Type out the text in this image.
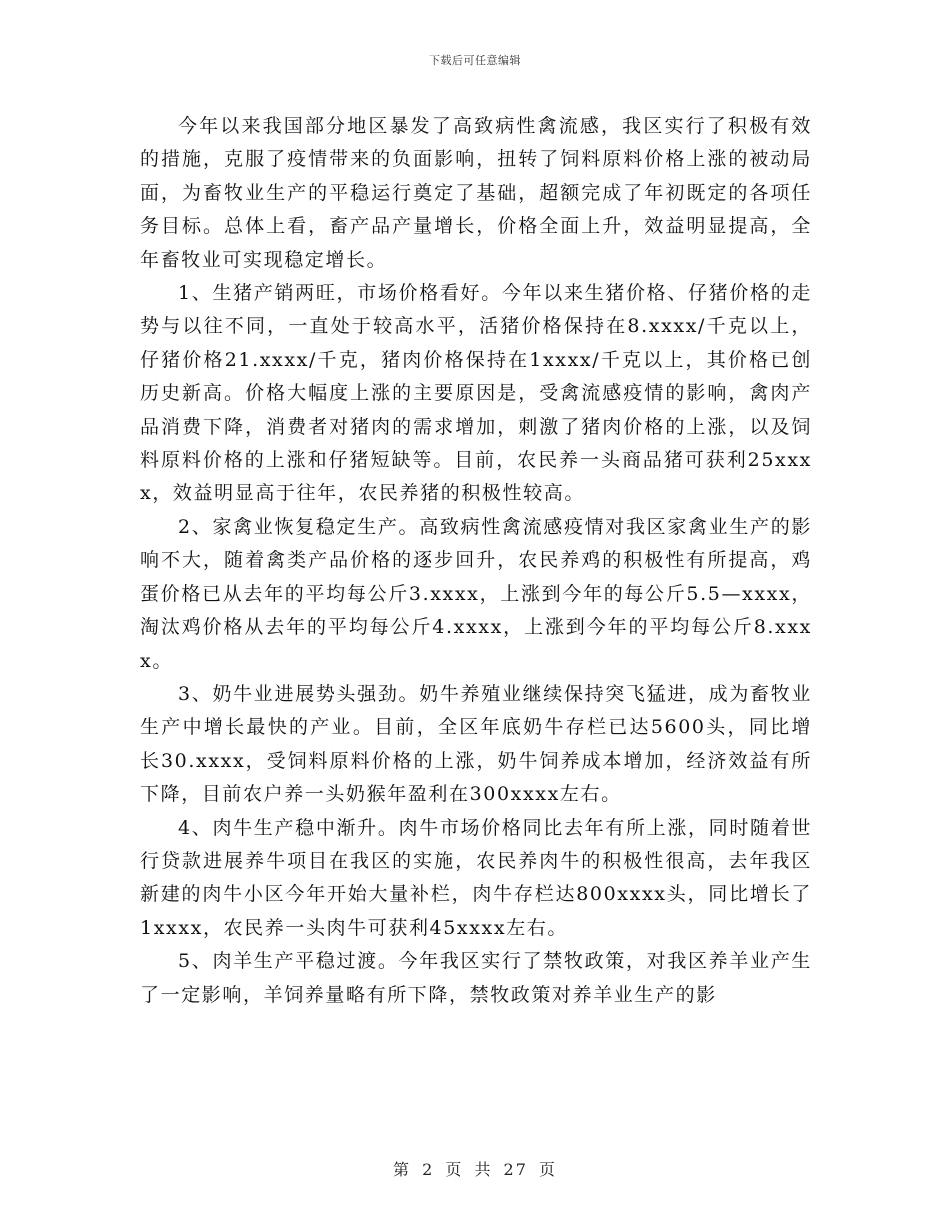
下载后可任意编辑

今年以来我国部分地区暴发了高致病性禽流感，我区实行了积极有效的措施，克服了疫情带来的负面影响，扭转了饲料原料价格上涨的被动局面，为畜牧业生产的平稳运行奠定了基础，超额完成了年初既定的各项任务目标。总体上看，畜产品产量增长，价格全面上升，效益明显提高，全年畜牧业可实现稳定增长。

1、生猪产销两旺，市场价格看好。今年以来生猪价格、仔猪价格的走势与以往不同，一直处于较高水平，活猪价格保持在8.xxxx/千克以上，仔猪价格21.xxxx/千克，猪肉价格保持在1xxxx/千克以上，其价格已创历史新高。价格大幅度上涨的主要原因是，受禽流感疫情的影响，禽肉产品消费下降，消费者对猪肉的需求增加，刺激了猪肉价格的上涨，以及饲料原料价格的上涨和仔猪短缺等。目前，农民养一头商品猪可获利25xxxx，效益明显高于往年，农民养猪的积极性较高。

2、家禽业恢复稳定生产。高致病性禽流感疫情对我区家禽业生产的影响不大，随着禽类产品价格的逐步回升，农民养鸡的积极性有所提高，鸡蛋价格已从去年的平均每公斤3.xxxx，上涨到今年的每公斤5.5—xxxx，淘汰鸡价格从去年的平均每公斤4.xxxx，上涨到今年的平均每公斤8.xxxx。

3、奶牛业进展势头强劲。奶牛养殖业继续保持突飞猛进，成为畜牧业生产中增长最快的产业。目前，全区年底奶牛存栏已达5600头，同比增长30.xxxx，受饲料原料价格的上涨，奶牛饲养成本增加，经济效益有所下降，目前农户养一头奶猴年盈利在300xxxx左右。

4、肉牛生产稳中渐升。肉牛市场价格同比去年有所上涨，同时随着世行贷款进展养牛项目在我区的实施，农民养肉牛的积极性很高，去年我区新建的肉牛小区今年开始大量补栏，肉牛存栏达800xxxx头，同比增长了1xxxx，农民养一头肉牛可获利45xxxx左右。

5、肉羊生产平稳过渡。今年我区实行了禁牧政策，对我区养羊业产生了一定影响，羊饲养量略有所下降，禁牧政策对养羊业生产的影

第 2 页 共 27 页
